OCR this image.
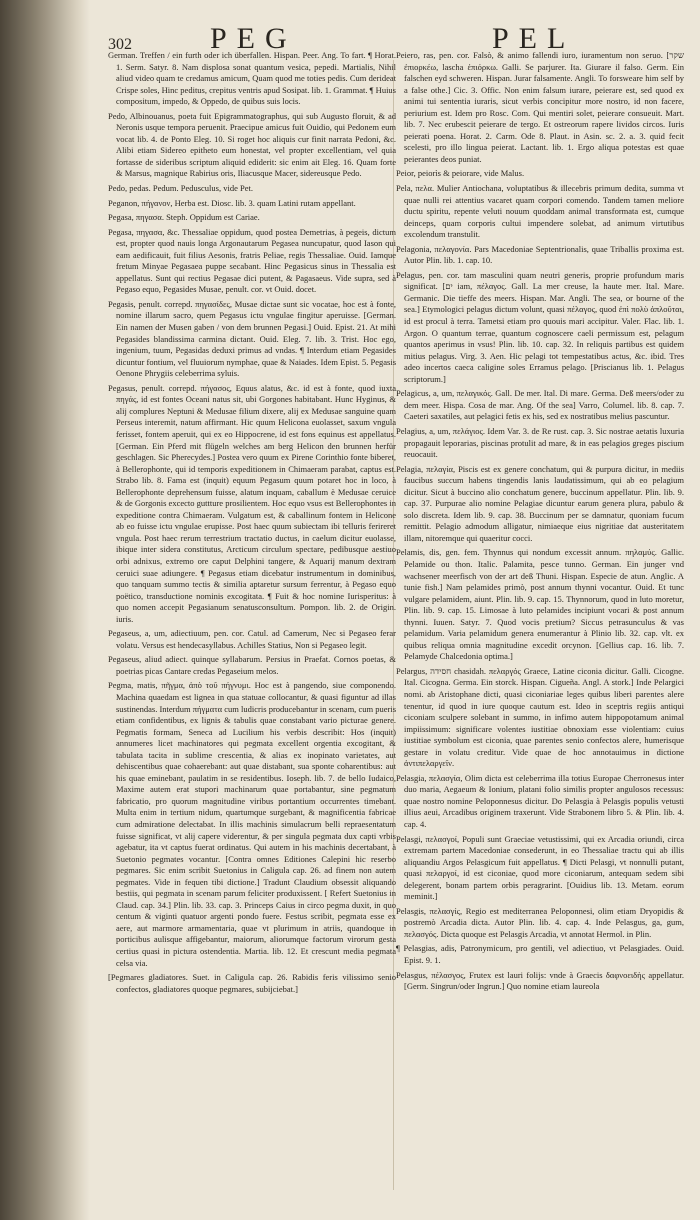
302	PEG	PEL

German. Treffen / ein furth oder ich überfallen. Hispan. Peer. Ang. To fart. ¶ Horat. 1. Serm. Satyr. 8. Nam displosa sonat quantum vesica, pepedi. Martialis, Nihil aliud video quam te credamus amicum, Quam quod me toties pedis. Cum derideat Crispe soles, Hinc peditus, crepitus ventris apud Sosipat. lib. 1. Grammat. ¶ Huius compositum, impedo, & Oppedo, de quibus suis locis.

Pedo, Albinouanus, poeta fuit Epigrammatographus, qui sub Augusto floruit, & ad Neronis usque tempora peruenit. Praecipue amicus fuit Ouidio, qui Pedonem eum vocat lib. 4. de Ponto Eleg. 10. Si roget hoc aliquis cur finit narrata Pedoni, &c. Alibi etiam Sidereo epitheto eum honestat, vel propter excellentiam, vel quia fortasse de sideribus scriptum aliquid ediderit: sic enim ait Eleg. 16. Quam forte & Marsus, magnique Rabirius oris, Iliacusque Macer, sidereusque Pedo.

Pedo, pedas. Pedum. Pedusculus, vide Pet.

Peganon, πήγανον, Herba est. Diosc. lib. 3. quam Latini rutam appellant.

Pegasa, πηγασα. Steph. Oppidum est Cariae.

Pegasa, πηγασα, &c. Thessaliae oppidum, quod postea Demetrias, à pegeis, dictum est, propter quod nauis longa Argonautarum Pegasea nuncupatur, quod Iason qui eam aedificauit, fuit filius Aesonis, fratris Peliae, regis Thessaliae. Ouid. Iamque fretum Minyae Pegasaea puppe secabant. Hinc Pegasicus sinus in Thessalia est appellatus. Sunt qui rectius Pegasae dici putent, & Pagasaeus. Vide supra, sed à Pegaso equo, Pegasides Musae, penult. cor. vt Ouid. docet.

Pegasis, penult. correpd. πηγασίδες, Musae dictae sunt sic vocatae, hoc est à fonte, nomine illarum sacro, quem Pegasus ictu vngulae fingitur aperuisse. [German. Ein namen der Musen gaben / von dem brunnen Pegasi.] Ouid. Epist. 21. At mihi Pegasides blandissima carmina dictant. Ouid. Eleg. 7. lib. 3. Trist. Hoc ego, ingenium, tuum, Pegasidas deduxi primus ad vndas. ¶ Interdum etiam Pegasides dicuntur fontium, vel fluuiorum nymphae, quae & Naiades. Idem Epist. 5. Pegasis Oenone Phrygiis celeberrima syluis.

Pegasus, penult. correpd. πήγασος, Equus alatus, &c. id est à fonte, quod iuxta πηγάς, id est fontes Oceani natus sit, ubi Gorgones habitabant. Hunc Hyginus, & alij complures Neptuni & Medusae filium dixere, alij ex Medusae sanguine quam Perseus interemit, natum affirmant. Hic quum Helicona euolasset, saxum vngula ferisset, fontem aperuit, qui ex eo Hippocrene, id est fons equinus est appellatus. [German. Ein Pferd mit flügeln welches am berg Helicon den brunnen herfür geschlagen. Sic Pherecydes.] Postea vero quum ex Pirene Corinthio fonte biberet, à Bellerophonte, qui id temporis expeditionem in Chimaeram parabat, captus est. Strabo lib. 8. Fama est (inquit) equum Pegasum quum potaret hoc in loco, à Bellerophonte deprehensum fuisse, alatum inquam, caballum è Medusae ceruice & de Gorgonis excecto guttture prosilientem. Hoc equo vsus est Bellerophontes in expeditione contra Chimaeram. Vulgatum est, & caballinum fontem in Helicone ab eo fuisse ictu vngulae erupisse. Post haec quum subiectam ibi telluris ferireret vngula. Post haec rerum terrestrium tractatio ductus, in caelum dicitur euolasse, ibique inter sidera constitutus, Arcticum circulum spectare, pedibusque aestiuo orbi adnixus, extremo ore caput Delphini tangere, & Aquarij manum dextram ceruici suae adiungere. ¶ Pegasus etiam dicebatur instrumentum in dominibus, quo tanquam summo tectis & similia aptaretur sursum ferrentur, à Pegaso equo poëtico, transductione nominis excogitata. ¶ Fuit & hoc nomine Iurisperitus: à quo nomen accepit Pegasianum senatusconsultum. Pompon. lib. 2. de Origin. iuris.

Pegaseus, a, um, adiectiuum, pen. cor. Catul. ad Camerum, Nec si Pegaseo ferar volatu. Versus est hendecasyllabus. Achilles Statius, Non si Pegaseo legit.

Pegaseus, aliud adiect. quinque syllabarum. Persius in Praefat. Cornos poetas, & poetrias picas Cantare credas Pegaseium melos.

Pegma, matis, πῆγμα, ἀπὸ τοῦ πήγνυμι. Hoc est à pangendo, siue componendo. Machina quaedam est lignea in qua statuae collocantur, & quasi figuntur ad illas sustinendas. Interdum πήγματα cum ludicris producebantur in scenam, cum pueris etiam confidentibus, ex lignis & tabulis quae constabant vario picturae genere. Pegmatis formam, Seneca ad Lucilium his verbis describit: Hos (inquit) annumeres licet machinatores qui pegmata excellent orgentia excogitant, & tabulata tacita in sublime crescentia, & alias ex inopinato varietates, aut dehiscentibus quae cohaerebant: aut quae distabant, sua sponte coharentibus: aut his quae eminebant, paulatim in se residentibus. Ioseph. lib. 7. de bello Iudaico, Maxime autem erat stupori machinarum quae portabantur, sine pegmatum fabricatio, pro quorum magnitudine viribus portantium occurrentes timebant. Multa enim in tertium nidum, quartumque surgebant, & magnificentia fabricae cum admiratione delectabat. In illis machinis simulacrum belli repraesentatum fuisse significat, vt alij capere viderentur, & per singula pegmata dux capti vrbis agebatur, ita vt captus fuerat ordinatus. Qui autem in his machinis decertabant, à Suetonio pegmates vocantur. [Contra omnes Editiones Calepini hic reserbo pegmares. Sic enim scribit Suetonius in Caligula cap. 26. ad finem non autem pegmates. Vide in fequen tibi dictione.] Tradunt Claudium obsessit aliquando bestiis, qui pegmata in scenam parum feliciter produxissent. [ Refert Suetonius in Claud. cap. 34.] Plin. lib. 33. cap. 3. Princeps Caius in circo pegma duxit, in quo centum & viginti quatuor argenti pondo fuere. Festus scribit, pegmata esse ex aere, aut marmore armamentaria, quae vt plurimum in atriis, quandoque in porticibus aulisque affigebantur, maiorum, aliorumque factorum virorum gesta certius quasi in pictura ostendentia. Martia. lib. 12. Et crescunt media pegmata celsa via.

[Pegmares gladiatores. Suet. in Caligula cap. 26. Rabidis feris vilissimo senio confectos, gladiatores quoque pegmares, subijciebat.]

Peiero, ras, pen. cor. Falsò, & animo fallendi iuro, iuramentum non seruo. [שקר ἐπιορκέω, lascha ἐπιόρκω. Galli. Se parjurer. Ita. Giurare il falso. Germ. Ein falschen eyd schweren. Hispan. Jurar falsamente. Angli. To forsweare him self by a false othe.] Cic. 3. Offic. Non enim falsum iurare, peierare est, sed quod ex animi tui sententia iuraris, sicut verbis concipitur more nostro, id non facere, periurium est. Idem pro Rosc. Com. Qui mentiri solet, peierare consueuit. Mart. lib. 7. Nec erubescit peierare de tergo. Et ostreorum rapere lividos circos. Iuris peierati poena. Horat. 2. Carm. Ode 8. Plaut. in Asin. sc. 2. a. 3. quid fecit scelesti, pro illo lingua peierat. Lactant. lib. 1. Ergo aliqua potestas est quae peierantes deos puniat.

Peior, peiorìs & peiorare, vide Malus.

Pela, πελα. Mulier Antiochana, voluptatibus & illecebris primum dedita, summa vt quae nulli rei attentius vacaret quam corpori comendo. Tandem tamen meliore ductu spiritu, repente veluti nouum quoddam animal transformata est, cumque deinceps, quam corporis cultui impendere solebat, ad animum virtutibus excolendum transtulit.

Pelagonia, πελαγονία. Pars Macedoniae Septentrionalis, quae Triballis proxima est. Autor Plin. lib. 1. cap. 10.

Pelagus, pen. cor. tam masculini quam neutri generis, proprie profundum maris significat. [ים iam, πέλαγος. Gall. La mer creuse, la haute mer. Ital. Mare. Germanic. Die tieffe des meers. Hispan. Mar. Angli. The sea, or bourne of the sea.] Etymologici pelagus dictum volunt, quasi πέλαγος, quod ἐπὶ πολὺ ἀπλοῦται, id est procul à terra. Tametsi etiam pro quouis mari accipitur. Valer. Flac. lib. 1. Argon. O quantum terrae, quantum cognoscere caeli permissum est, pelagum quantos aperimus in vsus! Plin. lib. 10. cap. 32. In reliquis partibus est quidem mitius pelagus. Virg. 3. Aen. Hic pelagi tot tempestatibus actus, &c. ibid. Tres adeo incertos caeca caligine soles Erramus pelago. [Priscianus lib. 1. Pelagus scriptorum.]

Pelagicus, a, um, πελαγικός. Gall. De mer. Ital. Di mare. Germa. Deß meers/oder zu dem meer. Hispa. Cosa de mar. Ang. Of the sea] Varro, Columel. lib. 8. cap. 7. Caeteri saxatiles, aut pelagici fetis ex his, sed ex nostratibus melius pascuntur.

Pelagius, a, um, πελάγιος. Idem Var. 3. de Re rust. cap. 3. Sic nostrae aetatis luxuria propagauit leporarias, piscinas protulit ad mare, & in eas pelagios greges piscium reuocauit.

Pelagia, πελαγία, Piscis est ex genere conchatum, qui & purpura dicitur, in mediis faucibus succum habens tingendis lanis laudatissimum, qui ab eo pelagium dicitur. Sicut à buccino alio conchatum genere, buccinum appellatur. Plin. lib. 9. cap. 37. Purpurae alio nomine Pelagiae dicuntur earum genera plura, pabulo & solo discreta. Idem lib. 9. cap. 38. Buccinum per se damnatur, quoniam fucum remittit. Pelagio admodum alligatur, nimiaeque eius nigritiae dat austeritatem illam, nitoremque qui quaeritur cocci.

Pelamis, dis, gen. fem. Thynnus qui nondum excessit annum. πηλαμύς. Gallic. Pelamide ou thon. Italic. Palamita, pesce tunno. German. Ein junger vnd wachsener meerfisch von der art deß Thuni. Hispan. Especie de atun. Anglic. A tunie fish.] Nam pelamides primò, post annum thynni vocantur. Ouid. Et tunc vulgare pelamidem, aiunt. Plin. lib. 9. cap. 15. Thynnorum, quod in luto moretur, Plin. lib. 9. cap. 15. Limosae à luto pelamides incipiunt vocari & post annum thynni. Iuuen. Satyr. 7. Quod vocis pretium? Siccus petrasunculus & vas pelamidum. Varia pelamidum genera enumerantur à Plinio lib. 32. cap. vlt. ex quibus reliqua omnia magnitudine excedit orcynon. [Gellius cap. 16. lib. 7. Pelamyde Chalcedonia optima.]

Pelargus, חסידה chasidah. πελαργός Graece, Latine ciconia dicitur. Galli. Cicogne. Ital. Cicogna. Germa. Ein storck. Hispan. Cigueña. Angl. A stork.] Inde Pelargici nomi. ab Aristophane dicti, quasi ciconiariae leges quibus liberi parentes alere tenentur, id quod in iure quoque cautum est. Ideo in sceptris regiis antiqui ciconiam sculpere solebant in summo, in infimo autem hippopotamum animal impiissimum: significare volentes iustitiae obnoxiam esse violentiam: cuius iustitiae symbolum est ciconia, quae parentes senio confectos alere, humerisque gestare in volatu creditur. Vide quae de hoc annotauimus in dictione ἀντιπελαργεῖν.

Pelasgia, πελασγία, Olim dicta est celeberrima illa totius Europae Cherronesus inter duo maria, Aegaeum & Ionium, platani folio similis propter angulosos recessus: quae nostro nomine Peloponnesus dicitur. Do Pelasgia à Pelasgis populis vetusti illius aeui, Arcadibus originem traxerunt. Vide Strabonem libro 5. & Plin. lib. 4. cap. 4.

Pelasgi, πελασγοί, Populi sunt Graeciae vetustissimi, qui ex Arcadia oriundi, circa extremam partem Macedoniae consederunt, in eo Thessaliae tractu qui ab illis aliquandiu Argos Pelasgicum fuit appellatus. ¶ Dicti Pelasgi, vt nonnulli putant, quasi πελαργοί, id est ciconiae, quod more ciconiarum, antequam sedem sibi delegerent, bonam partem orbis peragrarint. [Ouidius lib. 13. Metam. eorum meminit.]

Pelasgis, πελασγίς, Regio est mediterranea Peloponnesi, olim etiam Dryopidis & postremò Arcadia dicta. Autor Plin. lib. 4. cap. 4. Inde Pelasgus, ga, gum, πελασγός. Dicta quoque est Pelasgis Arcadia, vt annotat Hermol. in Plin.

¶ Pelasgias, adis, Patronymicum, pro gentili, vel adiectiuo, vt Pelasgiades. Ouid. Epist. 9. 1.

Pelasgus, πέλασγος, Frutex est lauri folijs: vnde à Graecis δαφνοειδὴς appellatur. [Germ. Singrun/oder Ingrun.] Quo nomine etiam laureola
